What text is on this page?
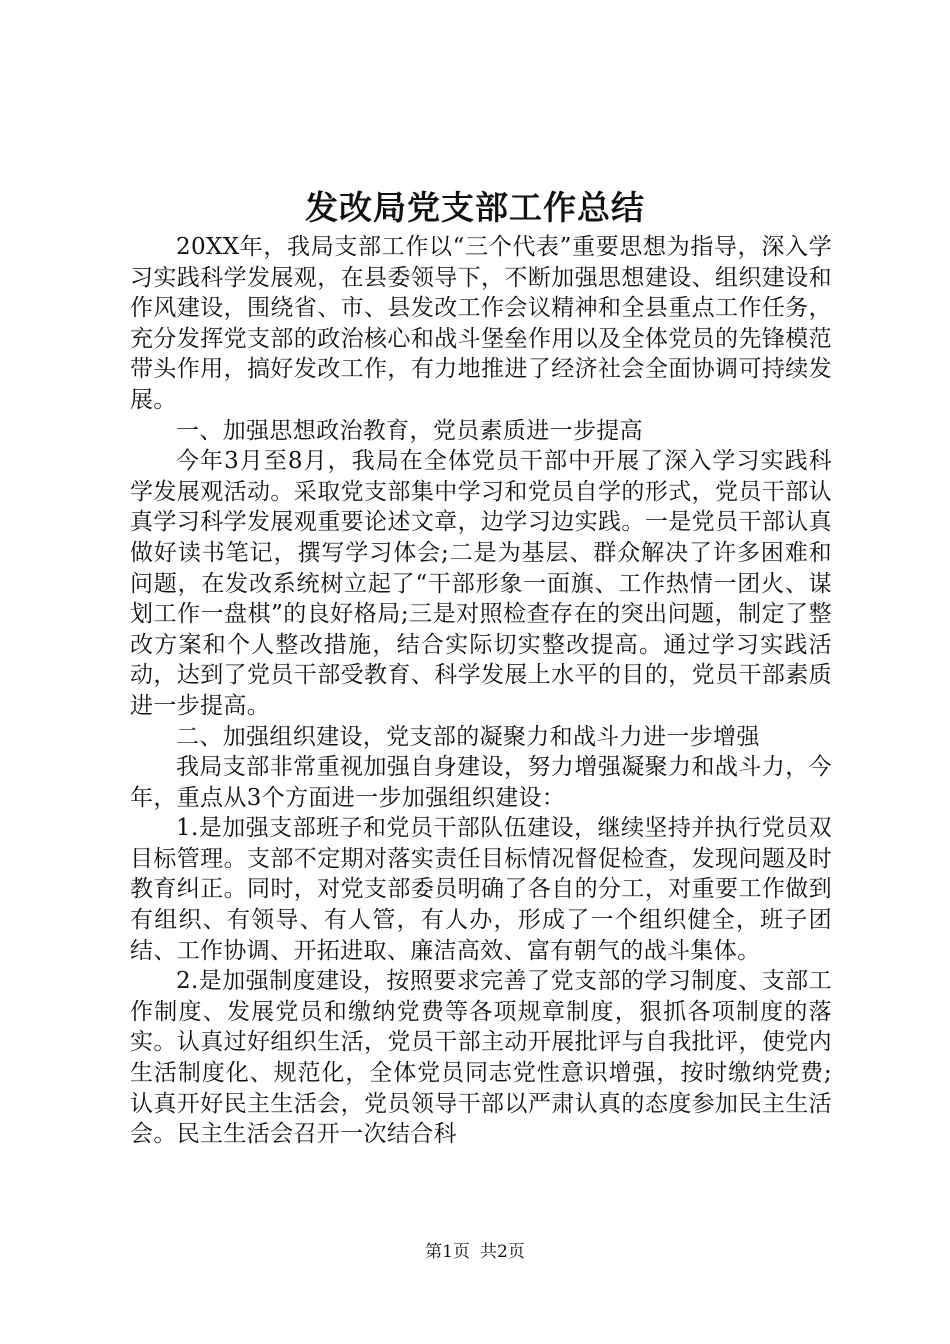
发改局党支部工作总结

20XX年，我局支部工作以“三个代表”重要思想为指导，深入学习实践科学发展观，在县委领导下，不断加强思想建设、组织建设和作风建设，围绕省、市、县发改工作会议精神和全县重点工作任务，充分发挥党支部的政治核心和战斗堡垒作用以及全体党员的先锋模范带头作用，搞好发改工作，有力地推进了经济社会全面协调可持续发展。

一、加强思想政治教育，党员素质进一步提高

今年3月至8月，我局在全体党员干部中开展了深入学习实践科学发展观活动。采取党支部集中学习和党员自学的形式，党员干部认真学习科学发展观重要论述文章，边学习边实践。一是党员干部认真做好读书笔记，撰写学习体会;二是为基层、群众解决了许多困难和问题，在发改系统树立起了“干部形象一面旗、工作热情一团火、谋划工作一盘棋”的良好格局;三是对照检查存在的突出问题，制定了整改方案和个人整改措施，结合实际切实整改提高。通过学习实践活动，达到了党员干部受教育、科学发展上水平的目的，党员干部素质进一步提高。

二、加强组织建设，党支部的凝聚力和战斗力进一步增强

我局支部非常重视加强自身建设，努力增强凝聚力和战斗力，今年，重点从3个方面进一步加强组织建设：

1.是加强支部班子和党员干部队伍建设，继续坚持并执行党员双目标管理。支部不定期对落实责任目标情况督促检查，发现问题及时教育纠正。同时，对党支部委员明确了各自的分工，对重要工作做到有组织、有领导、有人管，有人办，形成了一个组织健全，班子团结、工作协调、开拓进取、廉洁高效、富有朝气的战斗集体。

2.是加强制度建设，按照要求完善了党支部的学习制度、支部工作制度、发展党员和缴纳党费等各项规章制度，狠抓各项制度的落实。认真过好组织生活，党员干部主动开展批评与自我批评，使党内生活制度化、规范化，全体党员同志党性意识增强，按时缴纳党费;认真开好民主生活会，党员领导干部以严肃认真的态度参加民主生活会。民主生活会召开一次结合科

第1页 共2页
